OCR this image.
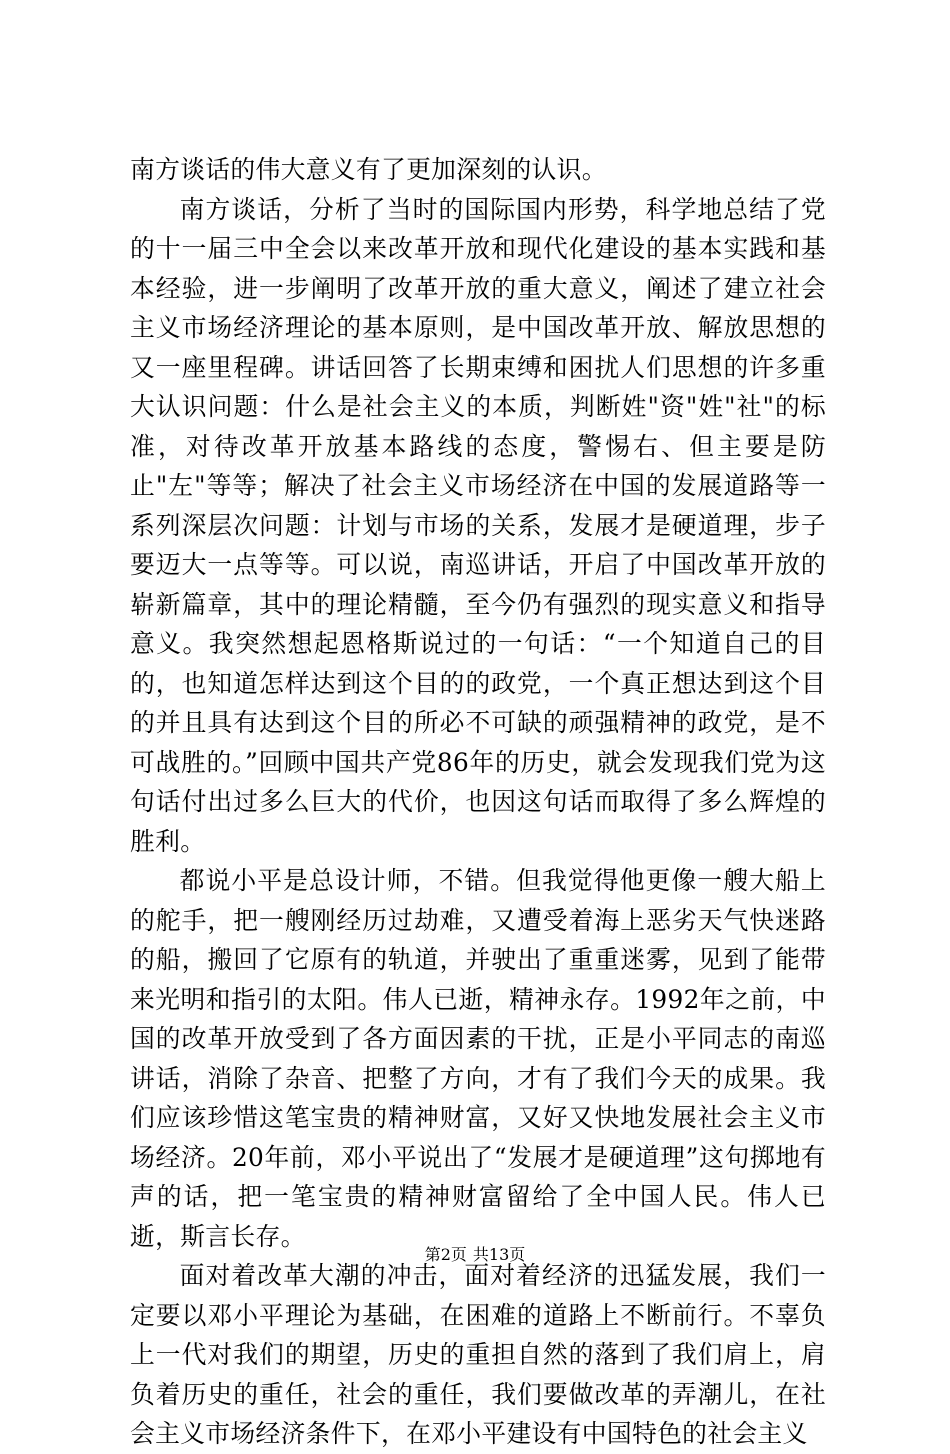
南方谈话的伟大意义有了更加深刻的认识。

南方谈话，分析了当时的国际国内形势，科学地总结了党的十一届三中全会以来改革开放和现代化建设的基本实践和基本经验，进一步阐明了改革开放的重大意义，阐述了建立社会主义市场经济理论的基本原则，是中国改革开放、解放思想的又一座里程碑。讲话回答了长期束缚和困扰人们思想的许多重大认识问题：什么是社会主义的本质，判断姓"资"姓"社"的标准，对待改革开放基本路线的态度，警惕右、但主要是防止"左"等等；解决了社会主义市场经济在中国的发展道路等一系列深层次问题：计划与市场的关系，发展才是硬道理，步子要迈大一点等等。可以说，南巡讲话，开启了中国改革开放的崭新篇章，其中的理论精髓，至今仍有强烈的现实意义和指导意义。我突然想起恩格斯说过的一句话：“一个知道自己的目的，也知道怎样达到这个目的的政党，一个真正想达到这个目的并且具有达到这个目的所必不可缺的顽强精神的政党，是不可战胜的。”回顾中国共产党86年的历史，就会发现我们党为这句话付出过多么巨大的代价，也因这句话而取得了多么辉煌的胜利。

都说小平是总设计师，不错。但我觉得他更像一艘大船上的舵手，把一艘刚经历过劫难，又遭受着海上恶劣天气快迷路的船，搬回了它原有的轨道，并驶出了重重迷雾，见到了能带来光明和指引的太阳。伟人已逝，精神永存。1992年之前，中国的改革开放受到了各方面因素的干扰，正是小平同志的南巡讲话，消除了杂音、把整了方向，才有了我们今天的成果。我们应该珍惜这笔宝贵的精神财富，又好又快地发展社会主义市场经济。20年前，邓小平说出了“发展才是硬道理”这句掷地有声的话，把一笔宝贵的精神财富留给了全中国人民。伟人已逝，斯言长存。

面对着改革大潮的冲击，面对着经济的迅猛发展，我们一定要以邓小平理论为基础，在困难的道路上不断前行。不辜负上一代对我们的期望，历史的重担自然的落到了我们肩上，肩负着历史的重任，社会的重任，我们要做改革的弄潮儿，在社会主义市场经济条件下，在邓小平建设有中国特色的社会主义

第2页 共13页
